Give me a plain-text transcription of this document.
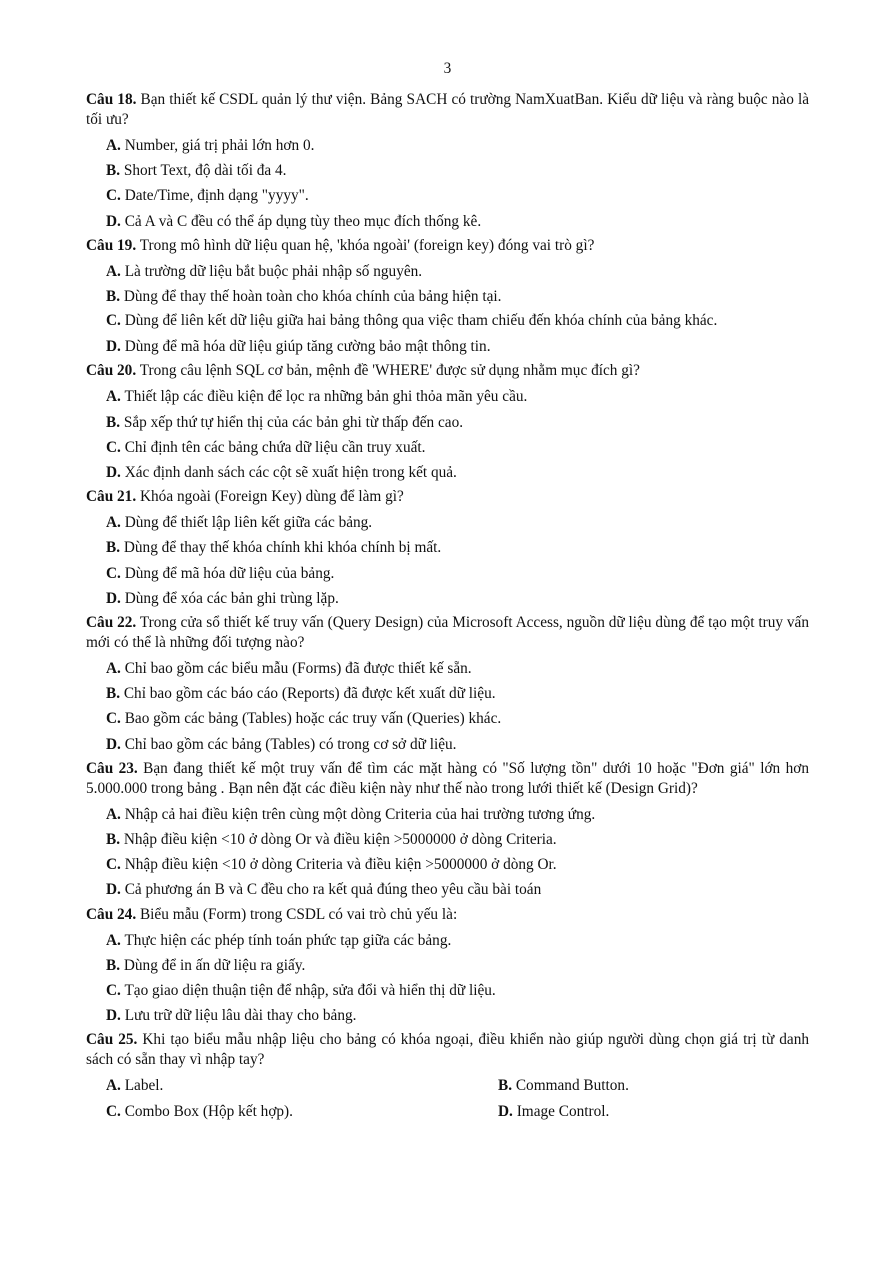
3

Câu 18. Bạn thiết kế CSDL quản lý thư viện. Bảng SACH có trường NamXuatBan. Kiểu dữ liệu và ràng buộc nào là tối ưu?

A. Number, giá trị phải lớn hơn 0.

B. Short Text, độ dài tối đa 4.

C. Date/Time, định dạng "yyyy".

D. Cả A và C đều có thể áp dụng tùy theo mục đích thống kê.

Câu 19. Trong mô hình dữ liệu quan hệ, 'khóa ngoài' (foreign key) đóng vai trò gì?

A. Là trường dữ liệu bắt buộc phải nhập số nguyên.

B. Dùng để thay thế hoàn toàn cho khóa chính của bảng hiện tại.

C. Dùng để liên kết dữ liệu giữa hai bảng thông qua việc tham chiếu đến khóa chính của bảng khác.

D. Dùng để mã hóa dữ liệu giúp tăng cường bảo mật thông tin.

Câu 20. Trong câu lệnh SQL cơ bản, mệnh đề 'WHERE' được sử dụng nhằm mục đích gì?

A. Thiết lập các điều kiện để lọc ra những bản ghi thỏa mãn yêu cầu.

B. Sắp xếp thứ tự hiển thị của các bản ghi từ thấp đến cao.

C. Chỉ định tên các bảng chứa dữ liệu cần truy xuất.

D. Xác định danh sách các cột sẽ xuất hiện trong kết quả.

Câu 21. Khóa ngoài (Foreign Key) dùng để làm gì?

A. Dùng để thiết lập liên kết giữa các bảng.

B. Dùng để thay thế khóa chính khi khóa chính bị mất.

C. Dùng để mã hóa dữ liệu của bảng.

D. Dùng để xóa các bản ghi trùng lặp.

Câu 22. Trong cửa sổ thiết kế truy vấn (Query Design) của Microsoft Access, nguồn dữ liệu dùng để tạo một truy vấn mới có thể là những đối tượng nào?

A. Chỉ bao gồm các biểu mẫu (Forms) đã được thiết kế sẵn.

B. Chỉ bao gồm các báo cáo (Reports) đã được kết xuất dữ liệu.

C. Bao gồm các bảng (Tables) hoặc các truy vấn (Queries) khác.

D. Chỉ bao gồm các bảng (Tables) có trong cơ sở dữ liệu.

Câu 23. Bạn đang thiết kế một truy vấn để tìm các mặt hàng có "Số lượng tồn" dưới 10 hoặc "Đơn giá" lớn hơn 5.000.000 trong bảng . Bạn nên đặt các điều kiện này như thế nào trong lưới thiết kế (Design Grid)?

A. Nhập cả hai điều kiện trên cùng một dòng Criteria của hai trường tương ứng.

B. Nhập điều kiện <10 ở dòng Or và điều kiện >5000000 ở dòng Criteria.

C. Nhập điều kiện <10 ở dòng Criteria và điều kiện >5000000 ở dòng Or.

D. Cả phương án B và C đều cho ra kết quả đúng theo yêu cầu bài toán

Câu 24. Biểu mẫu (Form) trong CSDL có vai trò chủ yếu là:

A. Thực hiện các phép tính toán phức tạp giữa các bảng.

B. Dùng để in ấn dữ liệu ra giấy.

C. Tạo giao diện thuận tiện để nhập, sửa đổi và hiển thị dữ liệu.

D. Lưu trữ dữ liệu lâu dài thay cho bảng.

Câu 25. Khi tạo biểu mẫu nhập liệu cho bảng có khóa ngoại, điều khiển nào giúp người dùng chọn giá trị từ danh sách có sẵn thay vì nhập tay?

A. Label.	B. Command Button.
C. Combo Box (Hộp kết hợp).	D. Image Control.
